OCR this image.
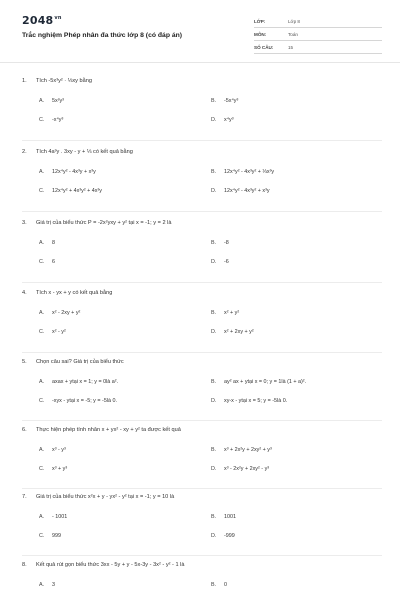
$2048^{vn}$
Trắc nghiệm Phép nhân đa thức lớp 8 (có đáp án)
LỚP:	Lớp 8
MÔN:	Toán
SỐ CÂU:	15
1.	Tích -5x³y² · ⅓xy bằng
A.	5x²y³	B.	-5x⁴y³
C.	-x⁴y³	D.	x⁴y³
2.	Tích 4a³y . 3xy - y + ⅓ có kết quả bằng
A.	12x⁴y² - 4x³y + x³y	B.	12x⁴y² - 4x³y² + ⅓x³y
C.	12x⁴y² + 4x³y² + 4x³y	D.	12x⁴y² - 4x³y² + x³y
3.	Giá trị của biểu thức P = -2x²yxy + y² tại x = -1; y = 2 là
A.	8	B.	-8
C.	6	D.	-6
4.	Tích x - yx + y có kết quả bằng
A.	x² - 2xy + y²	B.	x² + y²
C.	x² - y²	D.	x² + 2xy + y²
5.	Chọn câu sai? Giá trị của biểu thức
A.	axax + ytại x = 1; y = 0là a².	B.	ay² ax + ytại x = 0; y = 1là (1 + a)².
C.	-xyx - ytại x = -5; y = -5là 0.	D.	xy-x - ytại x = 5; y = -5là 0.
6.	Thực hiện phép tính nhân x + yx² - xy + y² ta được kết quả
A.	x³ - y³	B.	x³ + 2x²y + 2xy² + y³
C.	x³ + y³	D.	x³ - 2x²y + 2xy² - y³
7.	Giá trị của biểu thức x²x + y - yx² - y² tại x = -1; y = 10 là
A.	- 1001	B.	1001
C.	999	D.	-999
8.	Kết quả rút gọn biểu thức 3xx - 5y + y - 5x-3y - 3x² - y² - 1 là
A.	3	B.	0
